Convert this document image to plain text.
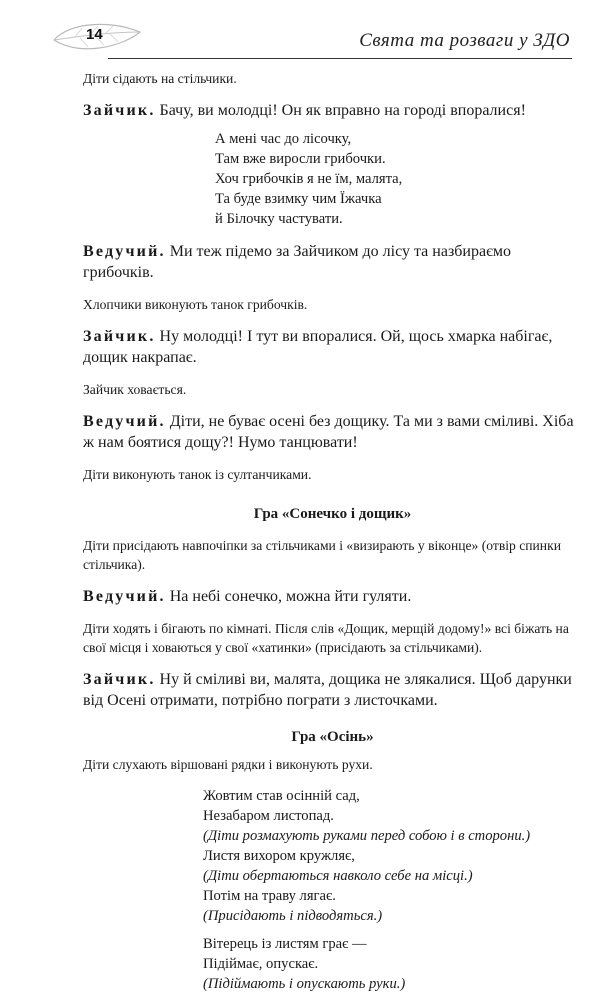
14	Свята та розваги у ЗДО

Діти сідають на стільчики.

Зайчик. Бачу, ви молодці! Он як вправно на городі впоралися!

А мені час до лісочку,

Там вже виросли грибочки.

Хоч грибочків я не їм, малята,

Та буде взимку чим Їжачка

й Білочку частувати.

Ведучий. Ми теж підемо за Зайчиком до лісу та назбираємо грибочків.

Хлопчики виконують танок грибочків.

Зайчик. Ну молодці! І тут ви впоралися. Ой, щось хмарка набігає, дощик накрапає.

Зайчик ховається.

Ведучий. Діти, не буває осені без дощику. Та ми з вами сміливі. Хіба ж нам боятися дощу?! Нумо танцювати!

Діти виконують танок із султанчиками.

Гра «Сонечко і дощик»

Діти присідають навпочіпки за стільчиками і «визирають у віконце» (отвір спинки стільчика).

Ведучий. На небі сонечко, можна йти гуляти.

Діти ходять і бігають по кімнаті. Після слів «Дощик, мерщій додому!» всі біжать на свої місця і ховаються у свої «хатинки» (присідають за стільчиками).

Зайчик. Ну й сміливі ви, малята, дощика не злякалися. Щоб дарунки від Осені отримати, потрібно пограти з листочками.

Гра «Осінь»

Діти слухають віршовані рядки і виконують рухи.

Жовтим став осінній сад,

Незабаром листопад.

(Діти розмахують руками перед собою і в сторони.)

Листя вихором кружляє,

(Діти обертаються навколо себе на місці.)

Потім на траву лягає.

(Присідають і підводяться.)

Вітерець із листям грає —

Підіймає, опускає.

(Підіймають і опускають руки.)
